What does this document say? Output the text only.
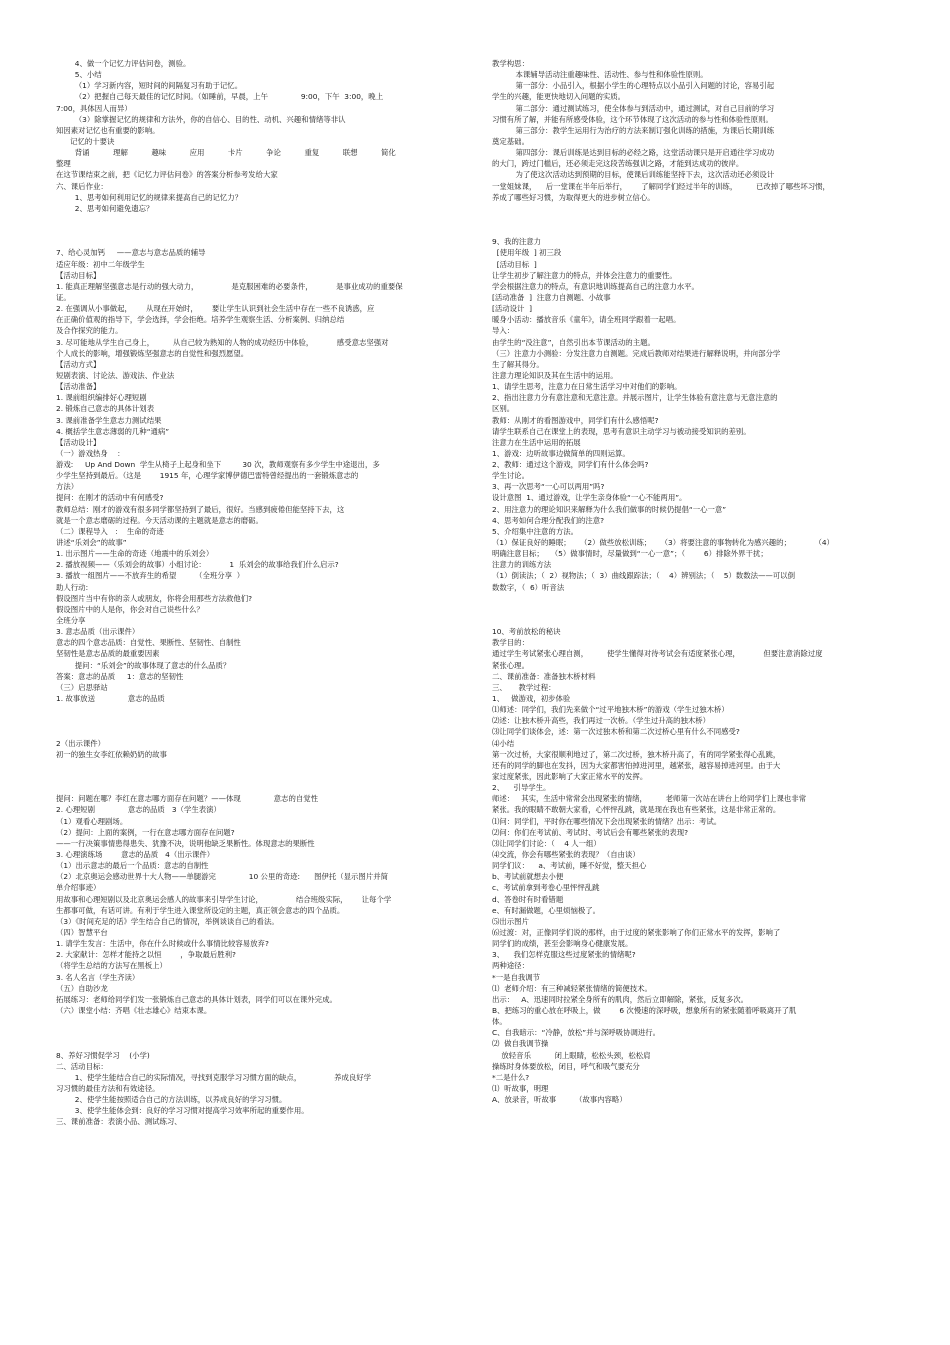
4、做一个记忆力评估问卷，测验。
5、小结
（1）学习新内容，短时间的间隔复习有助于记忆。
（2）把握自己每天最佳的记忆时间。（如睡前，早晨，上午              9:00，下午  3:00，晚上
7:00，具体因人而异）
（3）除掌握记忆的规律和方法外，你的自信心、目的性、动机、兴趣和情绪等非认
知因素对记忆也有重要的影响。
记忆的十要诀
背诵          理解          趣味          应用          卡片          争论          重复          联想          简化
整理
在这节课结束之前，把《记忆力评估问卷》的答案分析参考发给大家
六、课后作业：
1、思考如何利用记忆的规律来提高自己的记忆力？
2、思考如何避免遗忘？
7、给心灵加钙     ——意志与意志品质的辅导
适应年级：初中二年级学生
【活动目标】
1. 能真正理解坚强意志是行动的强大动力，              是克服困难的必要条件，          是事业成功的重要保
证。
2. 在强调从小事做起，      从现在开始时，      要让学生认识到社会生活中存在一些不良诱惑，应
在正确价值观的指导下，学会选择，学会拒绝。培养学生观察生活、分析案例、归纳总结
及合作探究的能力。
3. 尽可能地从学生自己身上，        从自己较为熟知的人物的成功经历中体验，          感受意志坚强对
个人成长的影响，增强锻炼坚强意志的自觉性和强烈愿望。
【活动方式】
短剧表演、讨论法、游戏法、作业法
【活动准备】
1. 课前组织编排好心理短剧
2. 锻炼自己意志的具体计划表
3. 课前准备学生意志力测试结果
4. 概括学生意志薄弱的几种“通病”
【活动设计】
（一）游戏热身    ：
游戏:     Up And Down  学生从椅子上起身和坐下         30 次，教师观察有多少学生中途退出，多
少学生坚持到最后。（这是        1915 年，心理学家博伊德巴雷特曾经提出的一套锻炼意志的
方法）
提问：在刚才的活动中有何感受?
教师总结：刚才的游戏有很多同学都坚持到了最后，很好。当感到疲倦但能坚持下去，这
就是一个意志磨砺的过程。今天活动课的主题就是意志的磨砺。
（二）课程导入   ：  生命的奇迹
讲述“乐刘会”的故事”
1. 出示图片——生命的奇迹（地震中的乐刘会）
2. 播放视频——（乐刘会的故事）小组讨论：          1  乐刘会的故事给我们什么启示?
3. 播放一组图片——不放弃生的希望        （全班分享  ）
助人行动:
假设图片当中有你的亲人或朋友，你将会用那些方法救他们?
假设图片中的人是你，你会对自己说些什么？
全班分享
3. 意志品质（出示课件）
意志的四个意志品质：自觉性、果断性、坚韧性、自制性
坚韧性是意志品质的最重要因素
提问：“乐刘会”的故事体现了意志的什么品质？
答案：意志的品质     1：意志的坚韧性
（三）启思驿站
1. 故事放送              意志的品质
2（出示课件）
初一的独生女李红依赖奶奶的故事
提问：问题在哪？李红在意志哪方面存在问题？——体现              意志的自觉性
2. 心理短剧              意志的品质   3（学生表演）
（1）观看心理剧场。
（2）提问：上面的案例，一行在意志哪方面存在问题?
——一行决策事情患得患失、犹豫不决，说明他缺乏果断性。体现意志的果断性
3. 心理演练场        意志的品质   4（出示课件）
（1）出示意志的最后一个品质：意志的自制性
（2）北京奥运会感动世界十大人物——单腿游完              10 公里的奇迹:      图伊托（显示图片并简
单介绍事迹）
用故事和心理短剧以及北京奥运会感人的故事来引导学生讨论，              结合班级实际，      让每个学
生都事可做，有话可讲。有利于学生进入课堂所设定的主题，真正领会意志的四个品质。
（3）《时间充足的话》学生结合自己的情况，举例谈谈自己的看法。
（四）智慧平台
1. 请学生发言：生活中，你在什么时候或什么事情比较容易放弃?
2. 大家献计：怎样才能持之以恒        ，争取最后胜利?
（将学生总结的方法写在黑板上）
3. 名人名言（学生齐读）
（五）自助沙龙
拓展练习：老师给同学们发一张锻炼自己意志的具体计划表，同学们可以在课外完成。
（六）课堂小结：齐唱《壮志雄心》结束本课。
8、养好习惯促学习    (小学)
二、活动目标：
1、使学生能结合自己的实际情况，寻找到克服学习习惯方面的缺点，              养成良好学
习习惯的最佳方法和有效途径。
2、使学生能按照适合自己的方法训练，以养成良好的学习习惯。
3、使学生能体会到：良好的学习习惯对提高学习效率所起的重要作用。
三、课前准备：表演小品、测试练习、
教学构思：
本课辅导活动注重趣味性、活动性、参与性和体验性原则。
第一部分：小品引入，根据小学生的心理特点以小品引入问题的讨论，容易引起
学生的兴趣，能更快地切入问题的实质。
第二部分：通过测试练习，使全体参与到活动中，通过测试，对自己目前的学习
习惯有所了解，并能有所感受体验，这个环节体现了这次活动的参与性和体验性原则。
第三部分：教学生运用行为治疗的方法来制订强化训练的措施，为课后长期训练
奠定基础。
第四部分：课后训练是达到目标的必经之路，这堂活动课只是开启通往学习成功
的大门，跨过门槛后，还必须走完这段苦练强训之路，才能到达成功的彼岸。
为了使这次活动达到预期的目标，使课后训练能坚持下去，这次活动还必须设计
一堂姐妹课，    后一堂课在半年后举行，      了解同学们经过半年的训练，        已改掉了哪些坏习惯，
养成了哪些好习惯，为取得更大的进步树立信心。
9、我的注意力
[使用年级  ] 初三段
[活动目标  ]
让学生初步了解注意力的特点，并体会注意力的重要性。
学会根据注意力的特点，有意识地训练提高自己的注意力水平。
[活动准备  ]  注意力自测题、小故事
[活动设计  ]
暖身小活动：播放音乐《童年》，请全班同学跟着一起唱。
导入：
由学生的“没注意”，自然引出本节课活动的主题。
（三）注意力小测验：分发注意力自测题。完成后教师对结果进行解释说明，并向部分学
生了解其得分。
注意力理论知识及其在生活中的运用。
1、请学生思考，注意力在日常生活学习中对他们的影响。
2、指出注意力分有意注意和无意注意。并展示图片，让学生体验有意注意与无意注意的
区别。
教师：从刚才的看图游戏中，同学们有什么感悟呢?
请学生联系自己在课堂上的表现，思考有意识主动学习与被动接受知识的差别。
注意力在生活中运用的拓展
1、游戏：边听故事边做简单的四则运算。
2、教师：通过这个游戏，同学们有什么体会吗?
学生讨论。
3、再一次思考“一心可以两用”吗?
设计意图  1、通过游戏，让学生亲身体验“一心不能两用”。
2、用注意力的理论知识来解释为什么我们做事的时候仍提倡“一心一意”
4、思考如何合理分配我们的注意?
5、介绍集中注意的方法。
（1）保证良好的睡眠；    （2）做些放松训练；    （3）将要注意的事物转化为感兴趣的；          （4）
明确注意目标；   （5）做事情时，尽量做到“一心一意”；（        6）排除外界干扰；
注意力的训练方法
（1）倒读法；（  2）视物法；（  3）曲线跟踪法；（    4）辨别法；（    5）数数法——可以倒
数数字，（  6）听音法
10、考前放松的秘诀
教学目的：
通过学生考试紧张心理自测，        使学生懂得对待考试会有适度紧张心理，          但要注意消除过度
紧张心理。
二、课前准备：准备独木桥材料
三、     教学过程：
1、   做游戏，初步体验
⑴师述：同学们，我们先来做个“过平地独木桥”的游戏（学生过独木桥）
⑵述：让独木桥升高些，我们再过一次桥。（学生过升高的独木桥）
⑶让同学们谈体会，述：第一次过独木桥和第二次过桥心里有什么不同感受?
⑷小结
第一次过桥，大家很顺利地过了，第二次过桥，独木桥升高了，有的同学紧张得心乱跳，
还有的同学的脚也在发抖，因为大家都害怕掉进河里，越紧张，越容易掉进河里。由于大
家过度紧张，因此影响了大家正常水平的发挥。
2、    引导学生。
师述：   其实，生活中常常会出现紧张的情绪，        老师第一次站在讲台上给同学们上课也非常
紧张。我的眼睛不敢朝大家看，心怦怦乱跳，就是现在我也有些紧张，这是非常正常的。
⑴问：同学们，平时你在哪些情况下会出现紧张的情绪？出示：考试。
⑵问：你们在考试前、考试时、考试后会有哪些紧张的表现?
⑶让同学们讨论：（    4 人一组）
⑷交流，你会有哪些紧张的表现？（自由谈）
同学们议：    a、考试前，睡不好觉，整天担心
b、考试前就想去小便
c、考试前拿到考卷心里怦怦乱跳
d、答卷时有时看错题
e、有时漏做题，心里烦恼极了。
⑸出示图片
⑹过渡：对，正像同学们说的那样，由于过度的紧张影响了你们正常水平的发挥，影响了
同学们的成绩，甚至会影响身心健康发展。
3、    我们怎样克服这些过度紧张的情绪呢?
两种途径：
*一是自我调节
⑴  老师介绍：有三种减轻紧张情绪的简便技术。
出示：   A、迅速同时拉紧全身所有的肌肉，然后立即解除，紧张，反复多次。
B、把练习的重心放在呼吸上，做        6 次慢速的深呼吸，想象所有的紧张随着呼吸离开了肌
体。
C、自我暗示：“冷静，放松”并与深呼吸协调进行。
⑵  做自我调节操
放轻音乐          闭上眼睛，松松头颈，松松肩
操练时身体要放松，闭目，呼气和吸气要充分
*二是什么?
⑴  听故事，明理
A、放录音，听故事        （故事内容略）
